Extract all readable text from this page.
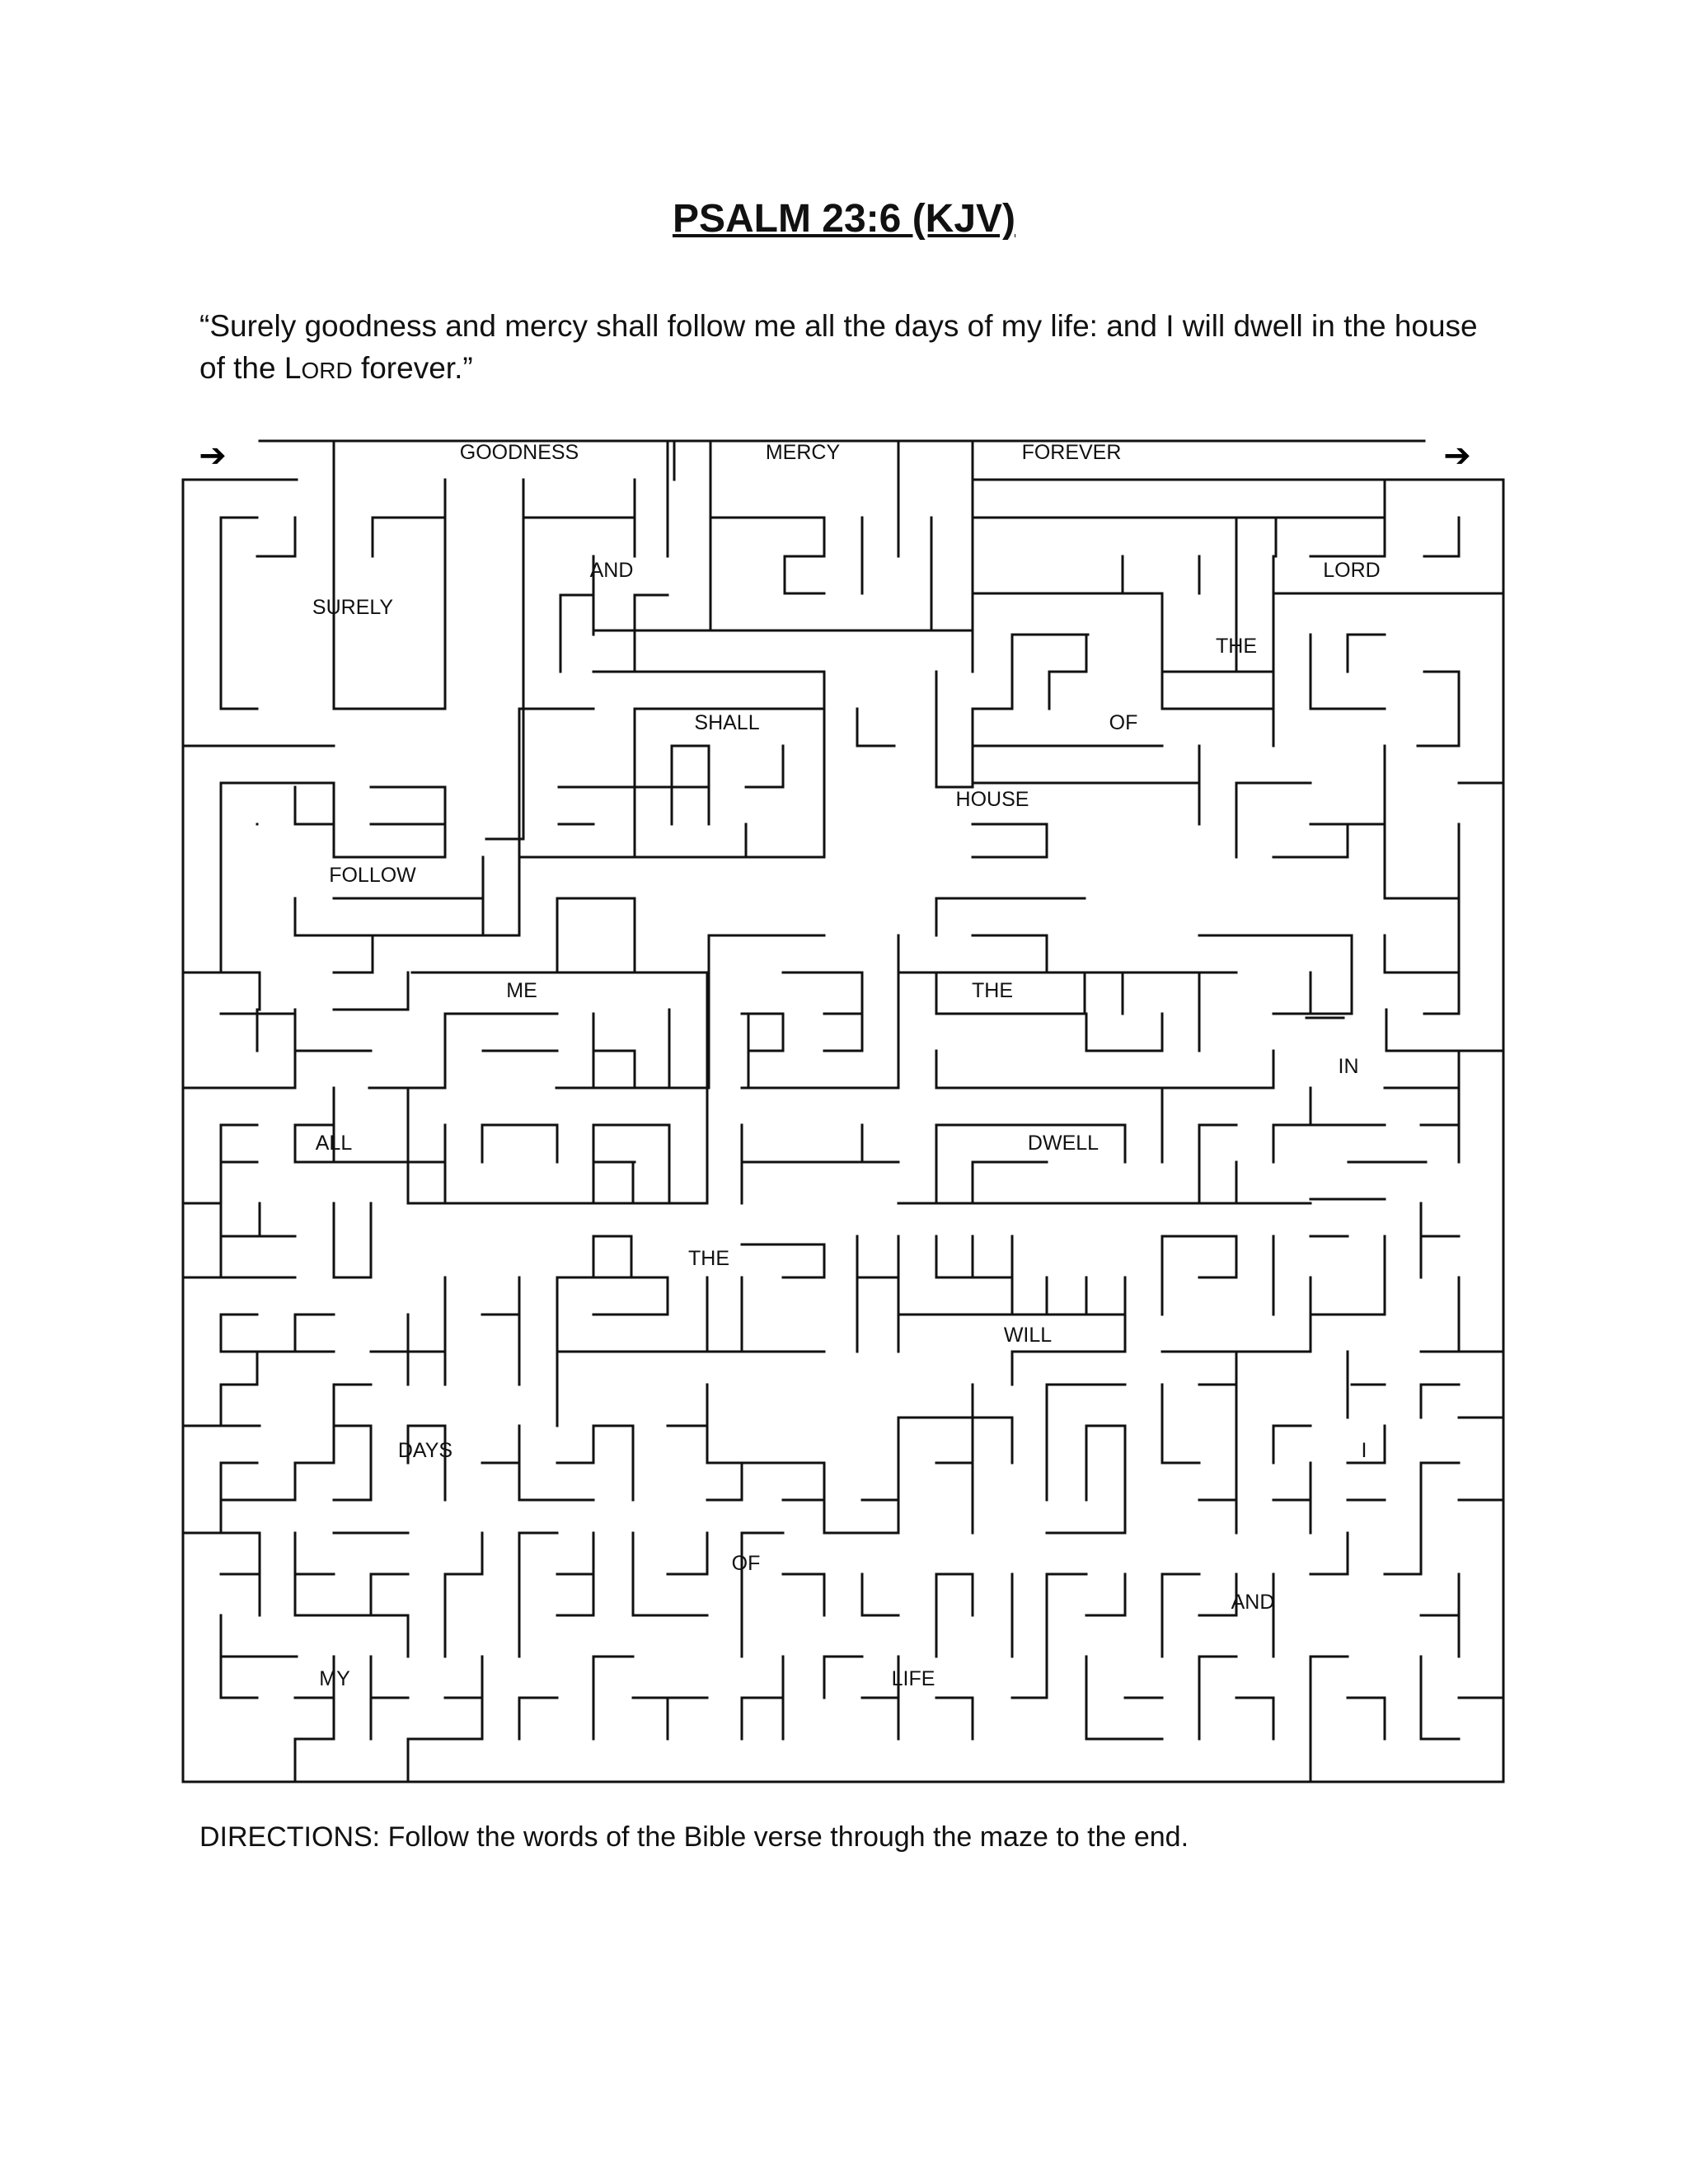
PSALM 23:6 (KJV)
“Surely goodness and mercy shall follow me all the days of my life: and I will dwell in the house of the LORD forever.”
GOODNESS	MERCY	FOREVER
AND	LORD
SURELY
THE
SHALL	OF
HOUSE
FOLLOW
ME	THE
IN
ALL	DWELL
THE
WILL
DAYS	I
OF
AND
MY	LIFE
➔	➔
DIRECTIONS: Follow the words of the Bible verse through the maze to the end.
